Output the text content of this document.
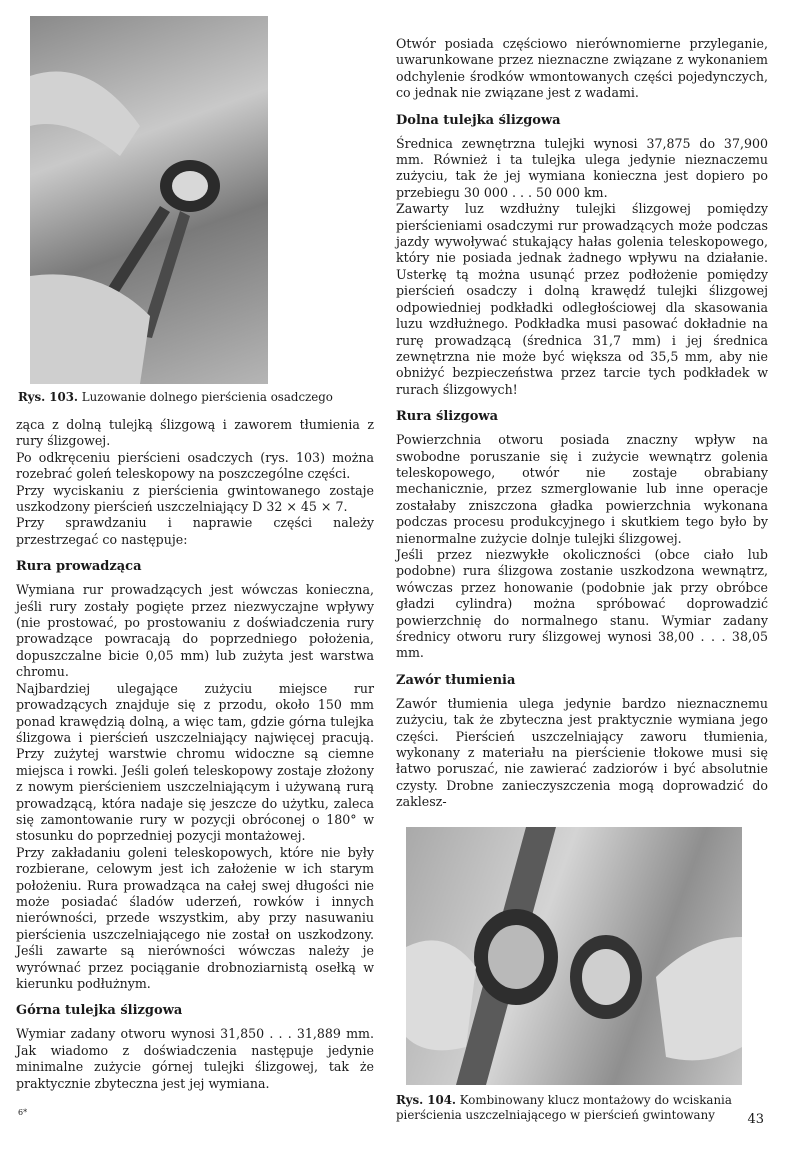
Rys. 103. Luzowanie dolnego pierścienia osadczego

ząca z dolną tulejką ślizgową i zaworem tłumienia z rury ślizgowej.

Po odkręceniu pierścieni osadczych (rys. 103) można rozebrać goleń teleskopowy na poszczególne części.

Przy wyciskaniu z pierścienia gwintowanego zostaje uszkodzony pierścień uszczelniający D 32 × 45 × 7.

Przy sprawdzaniu i naprawie części należy przestrzegać co następuje:

Rura prowadząca

Wymiana rur prowadzących jest wówczas konieczna, jeśli rury zostały pogięte przez niezwyczajne wpływy (nie prostować, po prostowaniu z doświadczenia rury prowadzące powracają do poprzedniego położenia, dopuszczalne bicie 0,05 mm) lub zużyta jest warstwa chromu.

Najbardziej ulegające zużyciu miejsce rur prowadzących znajduje się z przodu, około 150 mm ponad krawędzią dolną, a więc tam, gdzie górna tulejka ślizgowa i pierścień uszczelniający najwięcej pracują. Przy zużytej warstwie chromu widoczne są ciemne miejsca i rowki. Jeśli goleń teleskopowy zostaje złożony z nowym pierścieniem uszczelniającym i używaną rurą prowadzącą, która nadaje się jeszcze do użytku, zaleca się zamontowanie rury w pozycji obróconej o 180° w stosunku do poprzedniej pozycji montażowej.

Przy zakładaniu goleni teleskopowych, które nie były rozbierane, celowym jest ich założenie w ich starym położeniu. Rura prowadząca na całej swej długości nie może posiadać śladów uderzeń, rowków i innych nierówności, przede wszystkim, aby przy nasuwaniu pierścienia uszczelniającego nie został on uszkodzony. Jeśli zawarte są nierówności wówczas należy je wyrównać przez pociąganie drobnoziarnistą osełką w kierunku podłużnym.

Górna tulejka ślizgowa

Wymiar zadany otworu wynosi 31,850 . . . 31,889 mm. Jak wiadomo z doświadczenia następuje jedynie minimalne zużycie górnej tulejki ślizgowej, tak że praktycznie zbyteczna jest jej wymiana.

Otwór posiada częściowo nierównomierne przyleganie, uwarunkowane przez nieznaczne związane z wykonaniem odchylenie środków wmontowanych części pojedynczych, co jednak nie związane jest z wadami.

Dolna tulejka ślizgowa

Średnica zewnętrzna tulejki wynosi 37,875 do 37,900 mm. Również i ta tulejka ulega jedynie nieznaczemu zużyciu, tak że jej wymiana konieczna jest dopiero po przebiegu 30 000 . . . 50 000 km.

Zawarty luz wzdłużny tulejki ślizgowej pomiędzy pierścieniami osadczymi rur prowadzących może podczas jazdy wywoływać stukający hałas golenia teleskopowego, który nie posiada jednak żadnego wpływu na działanie. Usterkę tą można usunąć przez podłożenie pomiędzy pierścień osadczy i dolną krawędź tulejki ślizgowej odpowiedniej podkładki odległościowej dla skasowania luzu wzdłużnego. Podkładka musi pasować dokładnie na rurę prowadzącą (średnica 31,7 mm) i jej średnica zewnętrzna nie może być większa od 35,5 mm, aby nie obniżyć bezpieczeństwa przez tarcie tych podkładek w rurach ślizgowych!

Rura ślizgowa

Powierzchnia otworu posiada znaczny wpływ na swobodne poruszanie się i zużycie wewnątrz golenia teleskopowego, otwór nie zostaje obrabiany mechanicznie, przez szmerglowanie lub inne operacje zostałaby zniszczona gładka powierzchnia wykonana podczas procesu produkcyjnego i skutkiem tego było by nienormalne zużycie dolnje tulejki ślizgowej.

Jeśli przez niezwykłe okoliczności (obce ciało lub podobne) rura ślizgowa zostanie uszkodzona wewnątrz, wówczas przez honowanie (podobnie jak przy obróbce gładzi cylindra) można spróbować doprowadzić powierzchnię do normalnego stanu. Wymiar zadany średnicy otworu rury ślizgowej wynosi 38,00 . . . 38,05 mm.

Zawór tłumienia

Zawór tłumienia ulega jedynie bardzo nieznacznemu zużyciu, tak że zbyteczna jest praktycznie wymiana jego części. Pierścień uszczelniający zaworu tłumienia, wykonany z materiału na pierścienie tłokowe musi się łatwo poruszać, nie zawierać zadziorów i być absolutnie czysty. Drobne zanieczyszczenia mogą doprowadzić do zaklesz-

Rys. 104. Kombinowany klucz montażowy do wciskania pierścienia uszczelniającego w pierścień gwintowany

6*	43
